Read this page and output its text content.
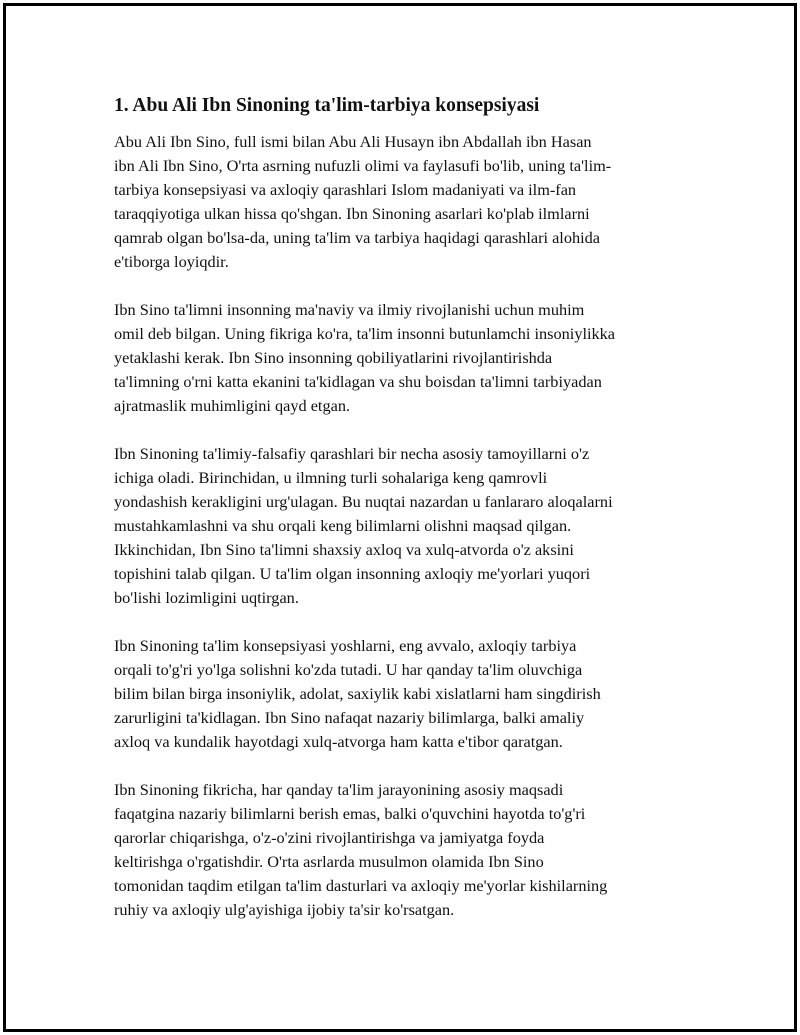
1. Abu Ali Ibn Sinoning ta'lim-tarbiya konsepsiyasi

Abu Ali Ibn Sino, full ismi bilan Abu Ali Husayn ibn Abdallah ibn Hasan
ibn Ali Ibn Sino, O'rta asrning nufuzli olimi va faylasufi bo'lib, uning ta'lim-
tarbiya konsepsiyasi va axloqiy qarashlari Islom madaniyati va ilm-fan
taraqqiyotiga ulkan hissa qo'shgan. Ibn Sinoning asarlari ko'plab ilmlarni
qamrab olgan bo'lsa-da, uning ta'lim va tarbiya haqidagi qarashlari alohida
e'tiborga loyiqdir.

Ibn Sino ta'limni insonning ma'naviy va ilmiy rivojlanishi uchun muhim
omil deb bilgan. Uning fikriga ko'ra, ta'lim insonni butunlamchi insoniylikka
yetaklashi kerak. Ibn Sino insonning qobiliyatlarini rivojlantirishda
ta'limning o'rni katta ekanini ta'kidlagan va shu boisdan ta'limni tarbiyadan
ajratmaslik muhimligini qayd etgan.

Ibn Sinoning ta'limiy-falsafiy qarashlari bir necha asosiy tamoyillarni o'z
ichiga oladi. Birinchidan, u ilmning turli sohalariga keng qamrovli
yondashish kerakligini urg'ulagan. Bu nuqtai nazardan u fanlararo aloqalarni
mustahkamlashni va shu orqali keng bilimlarni olishni maqsad qilgan.
Ikkinchidan, Ibn Sino ta'limni shaxsiy axloq va xulq-atvorda o'z aksini
topishini talab qilgan. U ta'lim olgan insonning axloqiy me'yorlari yuqori
bo'lishi lozimligini uqtirgan.

Ibn Sinoning ta'lim konsepsiyasi yoshlarni, eng avvalo, axloqiy tarbiya
orqali to'g'ri yo'lga solishni ko'zda tutadi. U har qanday ta'lim oluvchiga
bilim bilan birga insoniylik, adolat, saxiylik kabi xislatlarni ham singdirish
zarurligini ta'kidlagan. Ibn Sino nafaqat nazariy bilimlarga, balki amaliy
axloq va kundalik hayotdagi xulq-atvorga ham katta e'tibor qaratgan.

Ibn Sinoning fikricha, har qanday ta'lim jarayonining asosiy maqsadi
faqatgina nazariy bilimlarni berish emas, balki o'quvchini hayotda to'g'ri
qarorlar chiqarishga, o'z-o'zini rivojlantirishga va jamiyatga foyda
keltirishga o'rgatishdir. O'rta asrlarda musulmon olamida Ibn Sino
tomonidan taqdim etilgan ta'lim dasturlari va axloqiy me'yorlar kishilarning
ruhiy va axloqiy ulg'ayishiga ijobiy ta'sir ko'rsatgan.
